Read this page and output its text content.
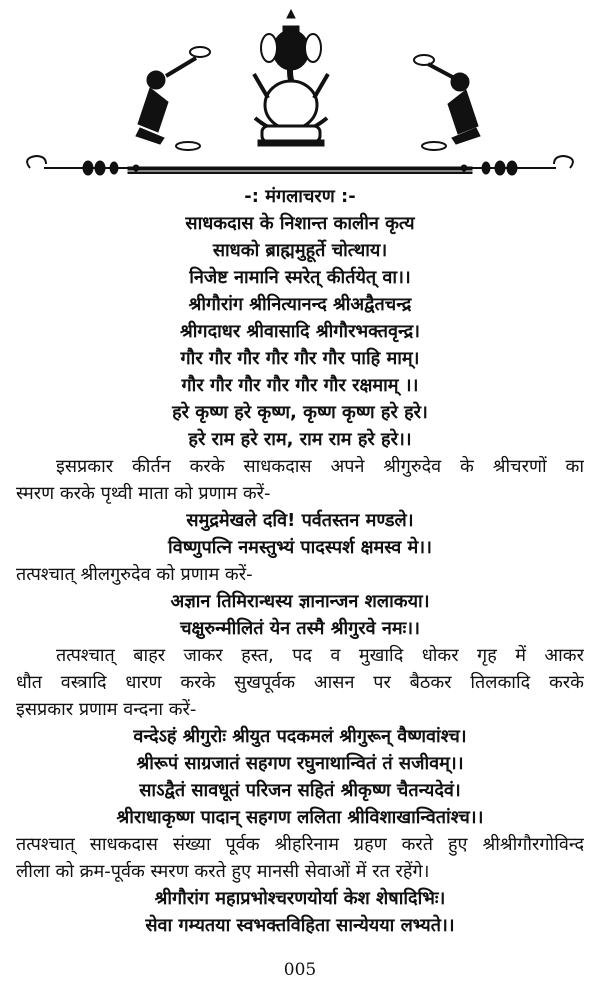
-: मंगलाचरण :-
साधकदास के निशान्त कालीन कृत्य
साधको ब्राह्ममुहूर्ते चोत्थाय।
निजेष्ट नामानि स्मरेत् कीर्तयेत् वा।।
श्रीगौरांग श्रीनित्यानन्द श्रीअद्वैतचन्द्र
श्रीगदाधर श्रीवासादि श्रीगौरभक्तवृन्द्र।
गौर गौर गौर गौर गौर गौर पाहि माम्।
गौर गौर गौर गौर गौर गौर रक्षमाम् ।।
हरे कृष्ण हरे कृष्ण, कृष्ण कृष्ण हरे हरे।
हरे राम हरे राम, राम राम हरे हरे।।
इसप्रकार कीर्तन करके साधकदास अपने श्रीगुरुदेव के श्रीचरणों का
स्मरण करके पृथ्वी माता को प्रणाम करें-
समुद्रमेखले दवि! पर्वतस्तन मण्डले।
विष्णुपत्नि नमस्तुभ्यं पादस्पर्श क्षमस्व मे।।
तत्पश्चात् श्रीलगुरुदेव को प्रणाम करें-
अज्ञान तिमिरान्धस्य ज्ञानान्जन शलाकया।
चक्षुरुन्मीलितं येन तस्मै श्रीगुरवे नमः।।
तत्पश्चात् बाहर जाकर हस्त, पद व मुखादि धोकर गृह में आकर
धौत वस्त्रादि धारण करके सुखपूर्वक आसन पर बैठकर तिलकादि करके
इसप्रकार प्रणाम वन्दना करें-
वन्देऽहं श्रीगुरोः श्रीयुत पदकमलं श्रीगुरून् वैष्णवांश्च।
श्रीरूपं साग्रजातं सहगण रघुनाथान्वितं तं सजीवम्।।
साऽद्वैतं सावधूतं परिजन सहितं श्रीकृष्ण चैतन्यदेवं।
श्रीराधाकृष्ण पादान् सहगण ललिता श्रीविशाखान्वितांश्च।।
तत्पश्चात् साधकदास संख्या पूर्वक श्रीहरिनाम ग्रहण करते हुए श्रीश्रीगौरगोविन्द
लीला को क्रम-पूर्वक स्मरण करते हुए मानसी सेवाओं में रत रहेंगे।
श्रीगौरांग महाप्रभोश्चरणयोर्या केश शेषादिभिः।
सेवा गम्यतया स्वभक्तविहिता सान्येयया लभ्यते।।
005
